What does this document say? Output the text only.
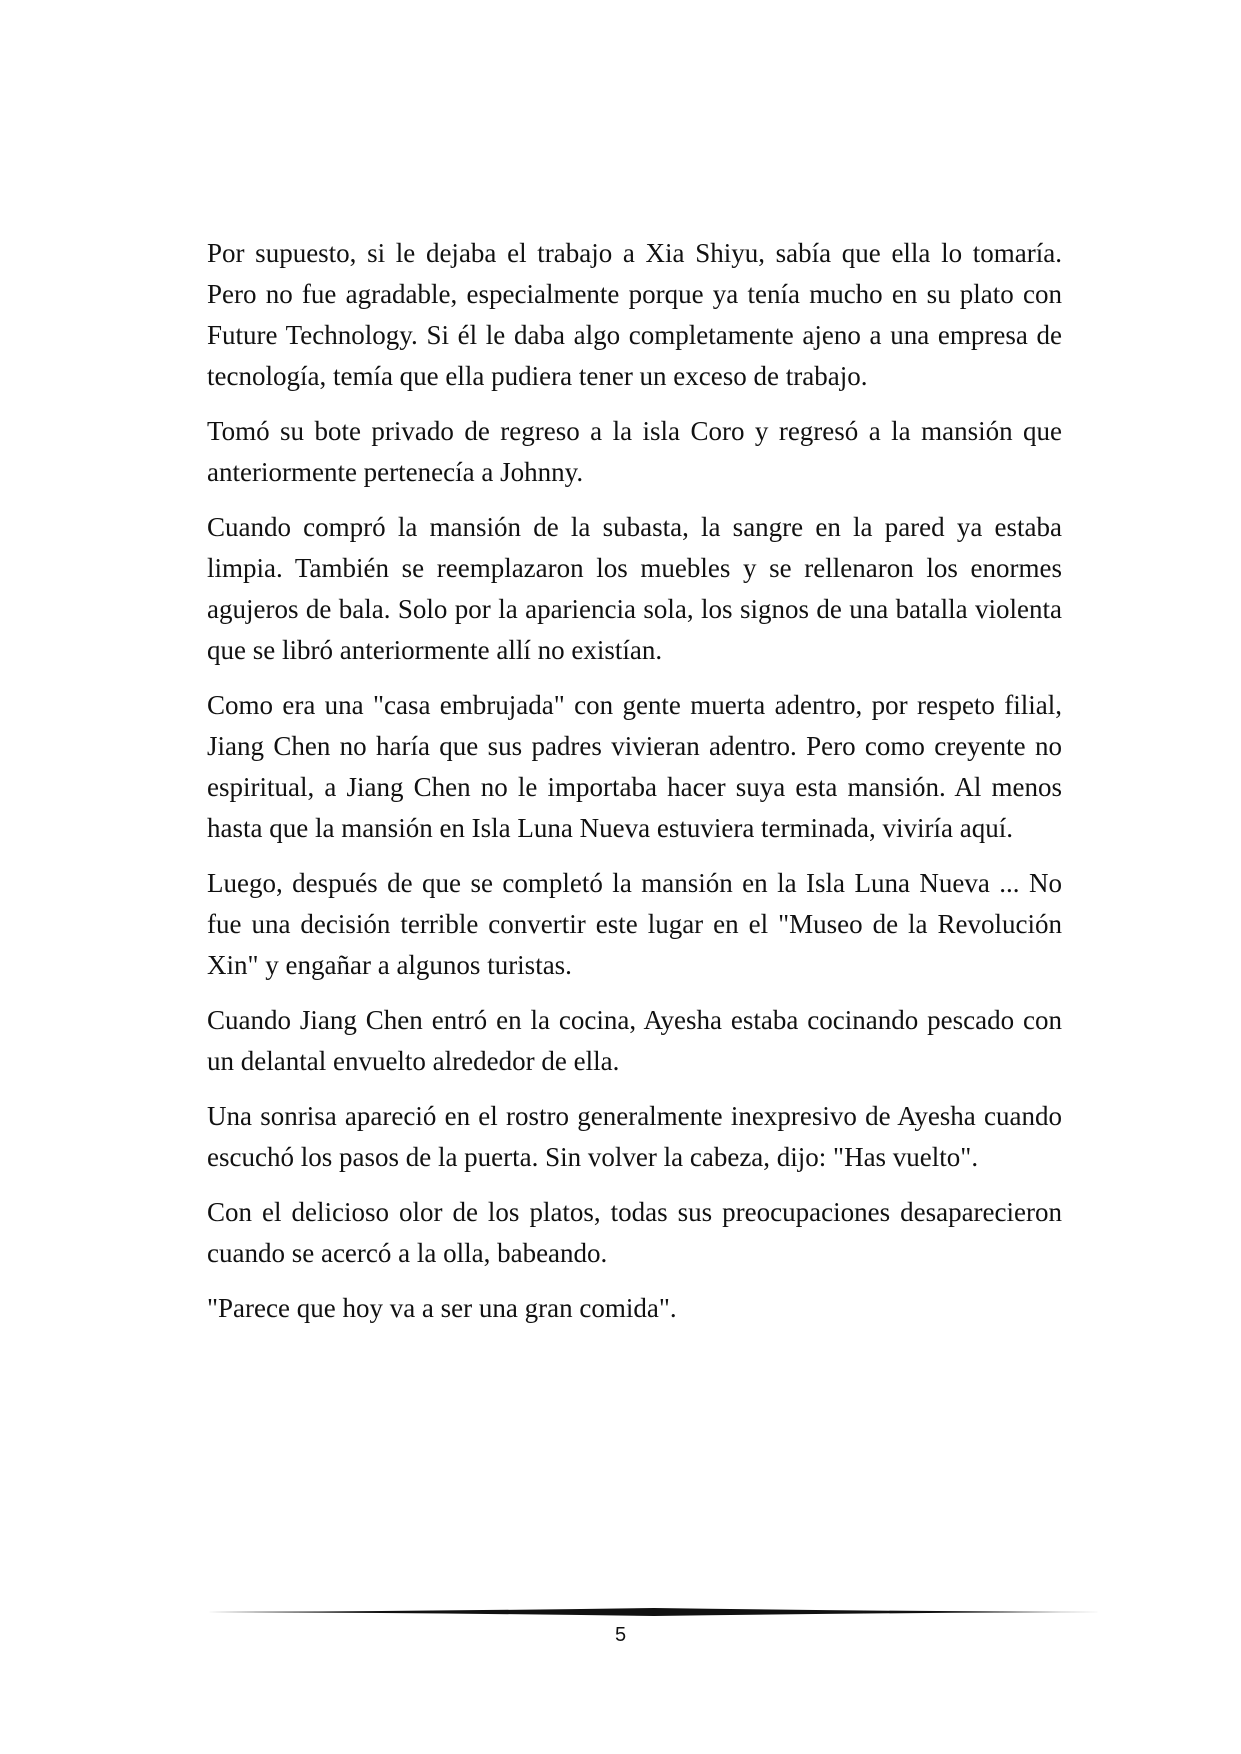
Por supuesto, si le dejaba el trabajo a Xia Shiyu, sabía que ella lo tomaría. Pero no fue agradable, especialmente porque ya tenía mucho en su plato con Future Technology. Si él le daba algo completamente ajeno a una empresa de tecnología, temía que ella pudiera tener un exceso de trabajo.

Tomó su bote privado de regreso a la isla Coro y regresó a la mansión que anteriormente pertenecía a Johnny.

Cuando compró la mansión de la subasta, la sangre en la pared ya estaba limpia. También se reemplazaron los muebles y se rellenaron los enormes agujeros de bala. Solo por la apariencia sola, los signos de una batalla violenta que se libró anteriormente allí no existían.

Como era una "casa embrujada" con gente muerta adentro, por respeto filial, Jiang Chen no haría que sus padres vivieran adentro. Pero como creyente no espiritual, a Jiang Chen no le importaba hacer suya esta mansión. Al menos hasta que la mansión en Isla Luna Nueva estuviera terminada, viviría aquí.

Luego, después de que se completó la mansión en la Isla Luna Nueva ... No fue una decisión terrible convertir este lugar en el "Museo de la Revolución Xin" y engañar a algunos turistas.

Cuando Jiang Chen entró en la cocina, Ayesha estaba cocinando pescado con un delantal envuelto alrededor de ella.

Una sonrisa apareció en el rostro generalmente inexpresivo de Ayesha cuando escuchó los pasos de la puerta. Sin volver la cabeza, dijo: "Has vuelto".

Con el delicioso olor de los platos, todas sus preocupaciones desaparecieron cuando se acercó a la olla, babeando.

"Parece que hoy va a ser una gran comida".

5
